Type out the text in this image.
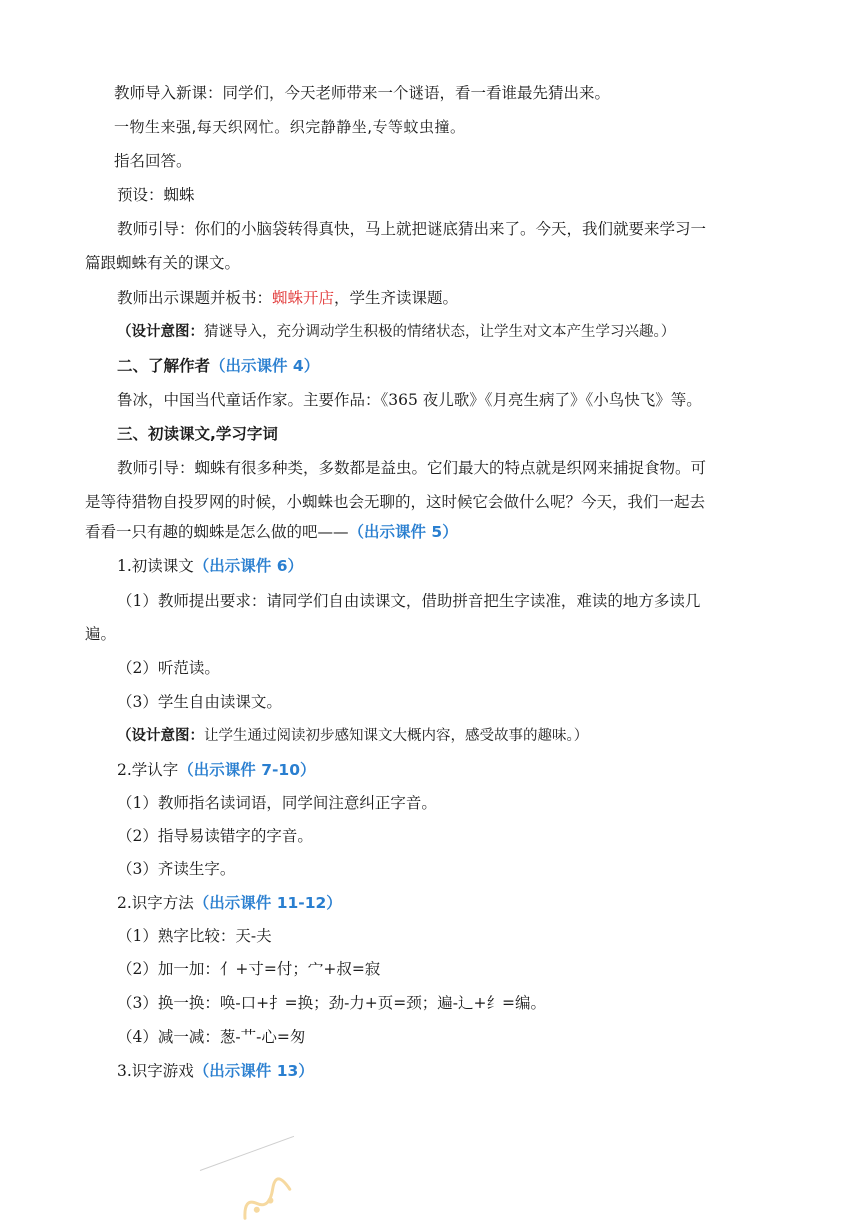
教师导入新课：同学们，今天老师带来一个谜语，看一看谁最先猜出来。
一物生来强,每天织网忙。织完静静坐,专等蚊虫撞。
指名回答。
预设：蜘蛛
教师引导：你们的小脑袋转得真快，马上就把谜底猜出来了。今天，我们就要来学习一
篇跟蜘蛛有关的课文。
教师出示课题并板书：蜘蛛开店，学生齐读课题。
（设计意图：猜谜导入，充分调动学生积极的情绪状态，让学生对文本产生学习兴趣。）
二、了解作者（出示课件 4）
鲁冰，中国当代童话作家。主要作品：《365 夜儿歌》《月亮生病了》《小鸟快飞》等。
三、初读课文,学习字词
教师引导：蜘蛛有很多种类，多数都是益虫。它们最大的特点就是织网来捕捉食物。可
是等待猎物自投罗网的时候，小蜘蛛也会无聊的，这时候它会做什么呢？今天，我们一起去
看看一只有趣的蜘蛛是怎么做的吧——（出示课件 5）
1.初读课文（出示课件 6）
（1）教师提出要求：请同学们自由读课文，借助拼音把生字读准，难读的地方多读几
遍。
（2）听范读。
（3）学生自由读课文。
（设计意图：让学生通过阅读初步感知课文大概内容，感受故事的趣味。）
2.学认字（出示课件 7-10）
（1）教师指名读词语，同学间注意纠正字音。
（2）指导易读错字的字音。
（3）齐读生字。
2.识字方法（出示课件 11-12）
（1）熟字比较：天-夫
（2）加一加：亻+寸=付；宀+叔=寂
（3）换一换：唤-口+扌=换；劲-力+页=颈；遍-辶+纟=编。
（4）减一减：葱-艹-心=匆
3.识字游戏（出示课件 13）
